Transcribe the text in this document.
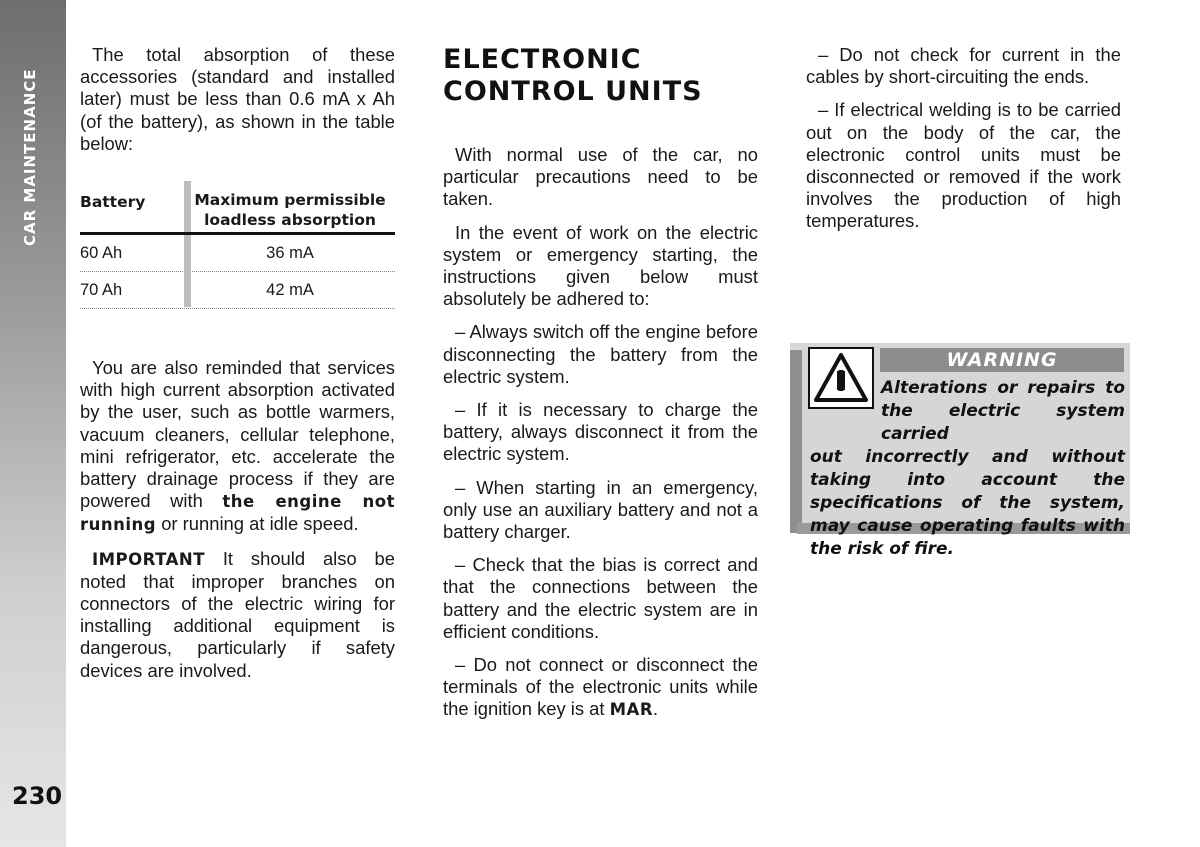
CAR MAINTENANCE
230

The total absorption of these accessories (standard and installed later) must be less than 0.6 mA x Ah (of the battery), as shown in the table below:

Battery	Maximum permissible
loadless absorption
60 Ah	36 mA
70 Ah	42 mA

You are also reminded that services with high current absorption activated by the user, such as bottle warmers, vacuum cleaners, cellular telephone, mini refrigerator, etc. accelerate the battery drainage process if they are powered with the engine not running or running at idle speed.

IMPORTANT It should also be noted that improper branches on connectors of the electric wiring for installing additional equipment is dangerous, particularly if safety devices are involved.

ELECTRONIC
CONTROL UNITS

With normal use of the car, no particular precautions need to be taken.

In the event of work on the electric system or emergency starting, the instructions given below must absolutely be adhered to:

– Always switch off the engine before disconnecting the battery from the electric system.

– If it is necessary to charge the battery, always disconnect it from the electric system.

– When starting in an emergency, only use an auxiliary battery and not a battery charger.

– Check that the bias is correct and that the connections between the battery and the electric system are in efficient conditions.

– Do not connect or disconnect the terminals of the electronic units while the ignition key is at MAR.

– Do not check for current in the cables by short-circuiting the ends.

– If electrical welding is to be carried out on the body of the car, the electronic control units must be disconnected or removed if the work involves the production of high temperatures.

WARNING
Alterations or repairs to the electric system carried
out incorrectly and without taking into account the specifications of the system, may cause operating faults with the risk of fire.
